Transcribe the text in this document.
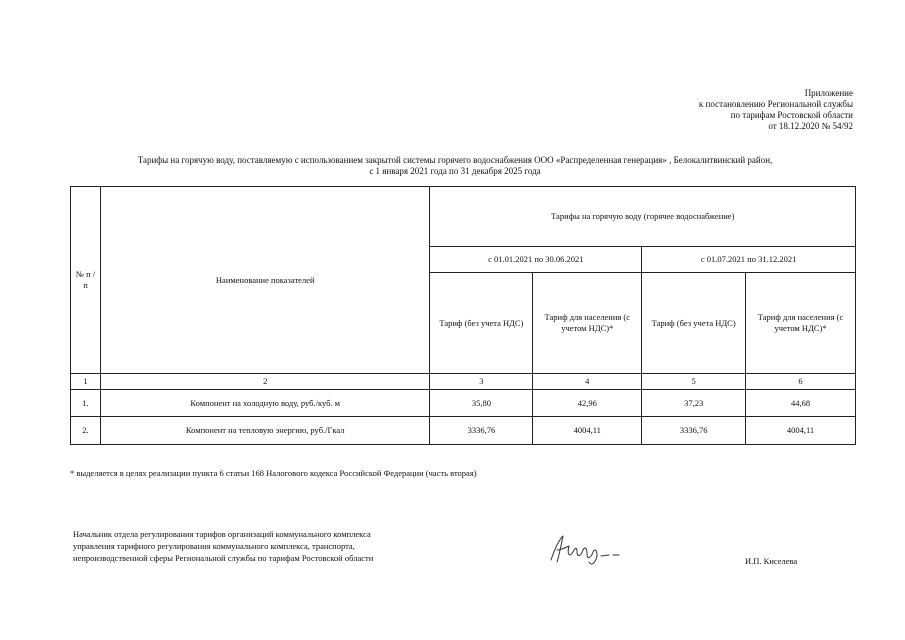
Приложение
к постановлению Региональной службы
по тарифам Ростовской области
от 18.12.2020 № 54/92
Тарифы на горячую воду, поставляемую с использованием закрытой системы горячего водоснабжения ООО «Распределенная генерация» , Белокалитвинский район,
с 1 января 2021 года по 31 декабря 2025 года
№ п /п	Наименование показателей	Тарифы на горячую воду (горячее водоснабжение)			
		с 01.01.2021 по 30.06.2021		с 01.07.2021 по 31.12.2021	
		Тариф (без учета НДС)	Тариф для населения (с учетом НДС)*	Тариф (без учета НДС)	Тариф для населения (с учетом НДС)*
1	2	3	4	5	6
1.	Компонент на холодную воду, руб./куб. м	35,80	42,96	37,23	44,68
2.	Компонент на тепловую энергию, руб./Гкал	3336,76	4004,11	3336,76	4004,11
* выделяется в целях реализации пункта 6 статьи 168 Налогового кодекса Российской Федерации (часть вторая)
Начальник отдела регулирования тарифов организаций коммунального комплекса
управления тарифного регулирования коммунального комплекса, транспорта,
непроизводственной сферы Региональной службы по тарифам Ростовской области	И.П. Киселева
